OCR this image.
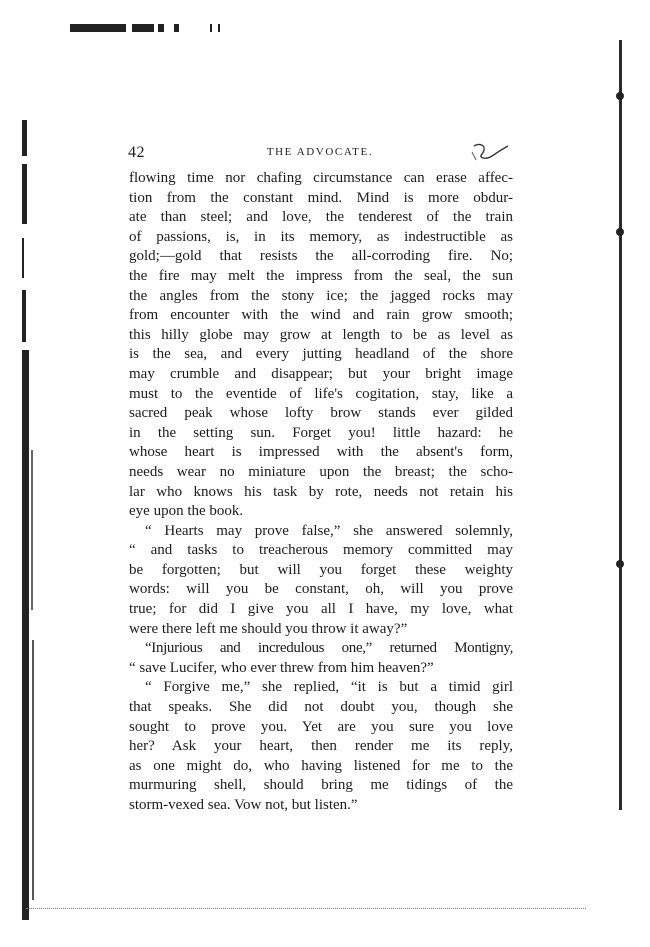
42	THE ADVOCATE.
flowing time nor chafing circumstance can erase affec-
tion from the constant mind. Mind is more obdur-
ate than steel; and love, the tenderest of the train
of passions, is, in its memory, as indestructible as
gold;—gold that resists the all-corroding fire. No;
the fire may melt the impress from the seal, the sun
the angles from the stony ice; the jagged rocks may
from encounter with the wind and rain grow smooth;
this hilly globe may grow at length to be as level as
is the sea, and every jutting headland of the shore
may crumble and disappear; but your bright image
must to the eventide of life's cogitation, stay, like a
sacred peak whose lofty brow stands ever gilded
in the setting sun. Forget you! little hazard: he
whose heart is impressed with the absent's form,
needs wear no miniature upon the breast; the scho-
lar who knows his task by rote, needs not retain his
eye upon the book.
“ Hearts may prove false,” she answered solemnly,
“ and tasks to treacherous memory committed may
be forgotten; but will you forget these weighty
words: will you be constant, oh, will you prove
true; for did I give you all I have, my love, what
were there left me should you throw it away?”
“Injurious and incredulous one,” returned Montigny,
“ save Lucifer, who ever threw from him heaven?”
“ Forgive me,” she replied, “it is but a timid girl
that speaks. She did not doubt you, though she
sought to prove you. Yet are you sure you love
her? Ask your heart, then render me its reply,
as one might do, who having listened for me to the
murmuring shell, should bring me tidings of the
storm-vexed sea. Vow not, but listen.”
